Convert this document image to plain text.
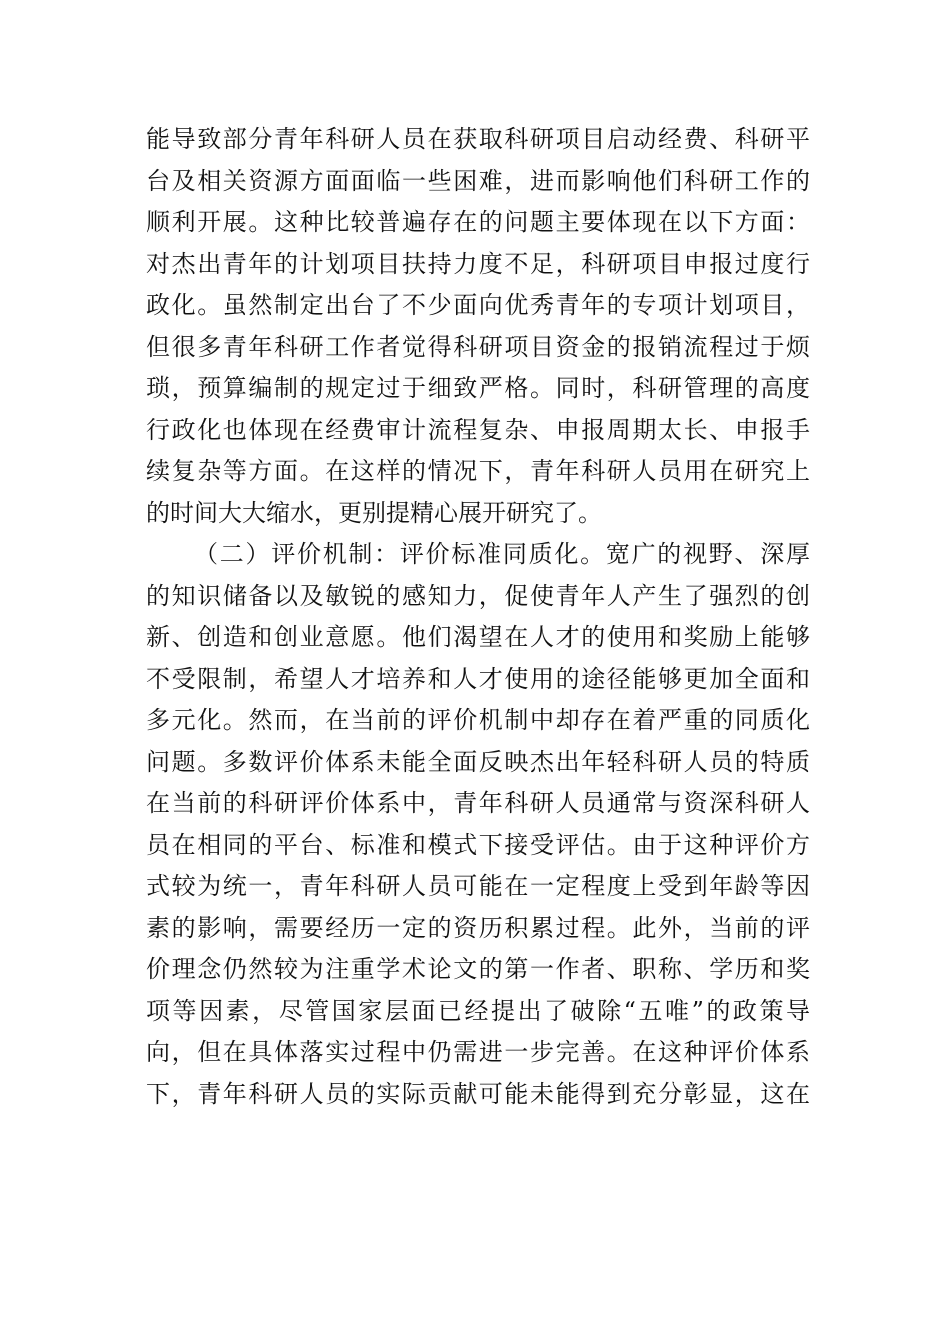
能导致部分青年科研人员在获取科研项目启动经费、科研平
台及相关资源方面面临一些困难，进而影响他们科研工作的
顺利开展。这种比较普遍存在的问题主要体现在以下方面：
对杰出青年的计划项目扶持力度不足，科研项目申报过度行
政化。虽然制定出台了不少面向优秀青年的专项计划项目，
但很多青年科研工作者觉得科研项目资金的报销流程过于烦
琐，预算编制的规定过于细致严格。同时，科研管理的高度
行政化也体现在经费审计流程复杂、申报周期太长、申报手
续复杂等方面。在这样的情况下，青年科研人员用在研究上
的时间大大缩水，更别提精心展开研究了。
（二）评价机制：评价标准同质化。宽广的视野、深厚
的知识储备以及敏锐的感知力，促使青年人产生了强烈的创
新、创造和创业意愿。他们渴望在人才的使用和奖励上能够
不受限制，希望人才培养和人才使用的途径能够更加全面和
多元化。然而，在当前的评价机制中却存在着严重的同质化
问题。多数评价体系未能全面反映杰出年轻科研人员的特质
在当前的科研评价体系中，青年科研人员通常与资深科研人
员在相同的平台、标准和模式下接受评估。由于这种评价方
式较为统一，青年科研人员可能在一定程度上受到年龄等因
素的影响，需要经历一定的资历积累过程。此外，当前的评
价理念仍然较为注重学术论文的第一作者、职称、学历和奖
项等因素，尽管国家层面已经提出了破除“五唯”的政策导
向，但在具体落实过程中仍需进一步完善。在这种评价体系
下，青年科研人员的实际贡献可能未能得到充分彰显，这在
